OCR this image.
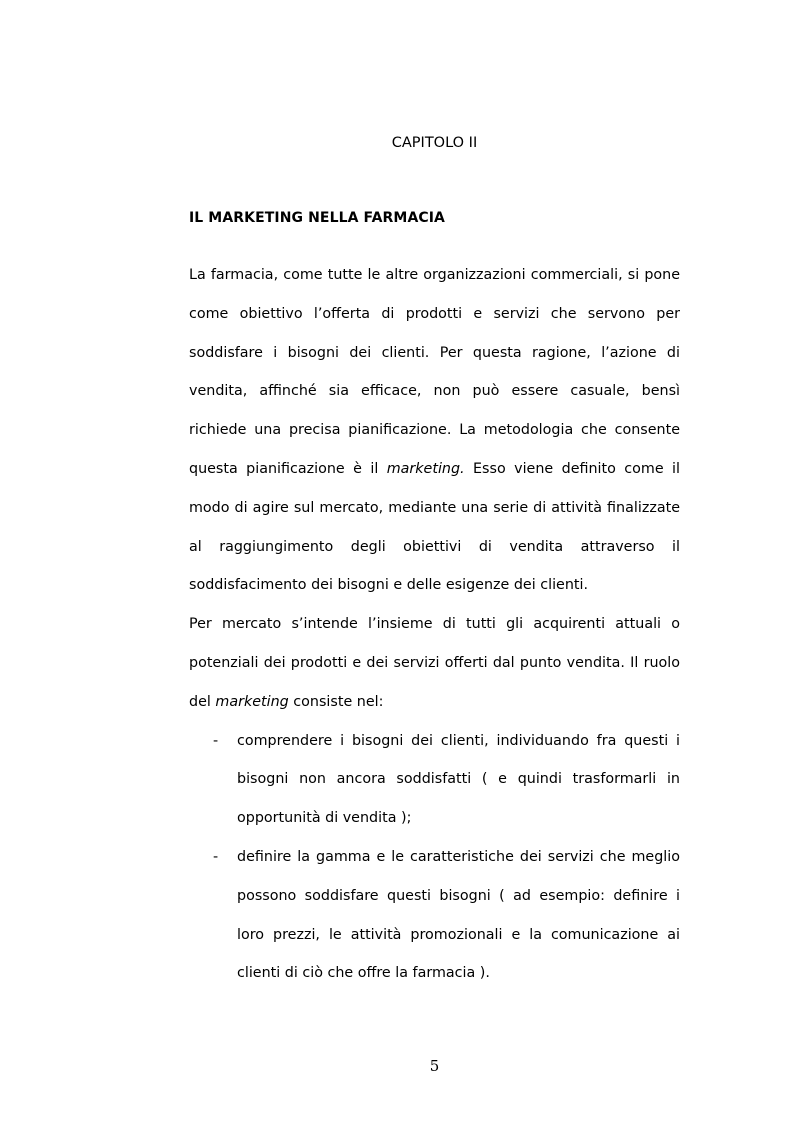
CAPITOLO II
IL MARKETING NELLA FARMACIA

La farmacia, come tutte le altre organizzazioni commerciali, si pone come obiettivo l’offerta di prodotti e servizi che servono per soddisfare i bisogni dei clienti. Per questa ragione, l’azione di vendita, affinché sia efficace, non può essere casuale, bensì richiede una precisa pianificazione. La metodologia che consente questa pianificazione è il marketing. Esso viene definito come il modo di agire sul mercato, mediante una serie di attività finalizzate al raggiungimento degli obiettivi di vendita attraverso il soddisfacimento dei bisogni e delle esigenze dei clienti.

Per mercato s’intende l’insieme di tutti gli acquirenti attuali o potenziali dei prodotti e dei servizi offerti dal punto vendita. Il ruolo del marketing consiste nel:

- comprendere i bisogni dei clienti, individuando fra questi i bisogni non ancora soddisfatti ( e quindi trasformarli in opportunità di vendita );
- definire la gamma e le caratteristiche dei servizi che meglio possono soddisfare questi bisogni ( ad esempio: definire i loro prezzi, le attività promozionali e la comunicazione ai clienti di ciò che offre la farmacia ).
5
